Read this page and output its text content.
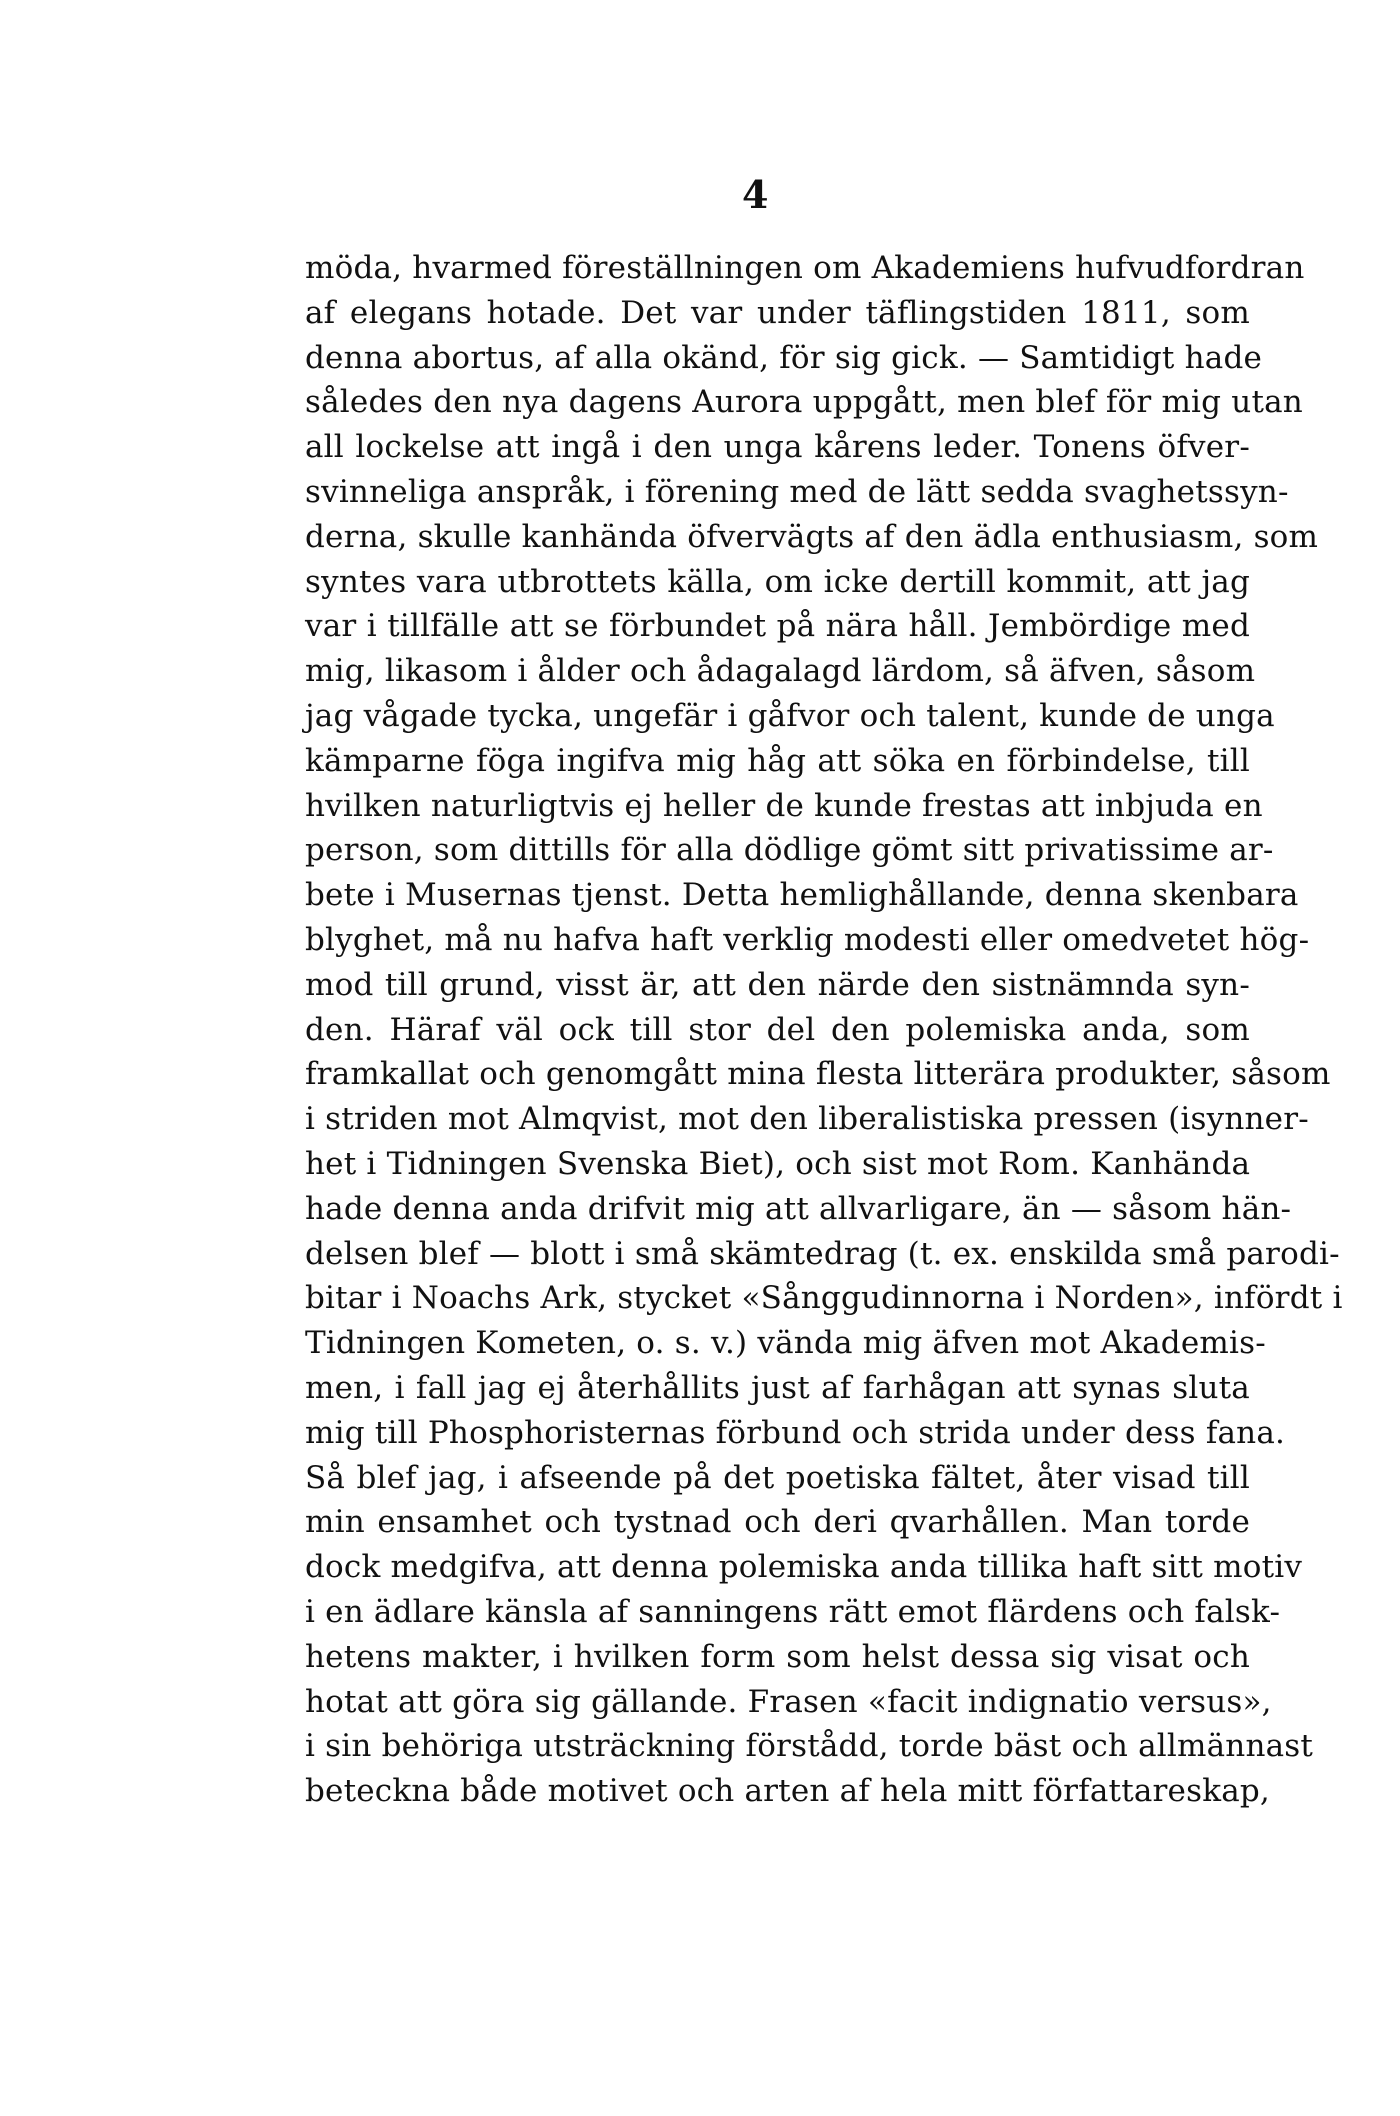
4
möda, hvarmed föreställningen om Akademiens hufvudfordran
af elegans hotade. Det var under täflingstiden 1811, som
denna abortus, af alla okänd, för sig gick. — Samtidigt hade
således den nya dagens Aurora uppgått, men blef för mig utan
all lockelse att ingå i den unga kårens leder. Tonens öfver-
svinneliga anspråk, i förening med de lätt sedda svaghetssyn-
derna, skulle kanhända öfvervägts af den ädla enthusiasm, som
syntes vara utbrottets källa, om icke dertill kommit, att jag
var i tillfälle att se förbundet på nära håll. Jembördige med
mig, likasom i ålder och ådagalagd lärdom, så äfven, såsom
jag vågade tycka, ungefär i gåfvor och talent, kunde de unga
kämparne föga ingifva mig håg att söka en förbindelse, till
hvilken naturligtvis ej heller de kunde frestas att inbjuda en
person, som dittills för alla dödlige gömt sitt privatissime ar-
bete i Musernas tjenst. Detta hemlighållande, denna skenbara
blyghet, må nu hafva haft verklig modesti eller omedvetet hög-
mod till grund, visst är, att den närde den sistnämnda syn-
den. Häraf väl ock till stor del den polemiska anda, som
framkallat och genomgått mina flesta litterära produkter, såsom
i striden mot Almqvist, mot den liberalistiska pressen (isynner-
het i Tidningen Svenska Biet), och sist mot Rom. Kanhända
hade denna anda drifvit mig att allvarligare, än — såsom hän-
delsen blef — blott i små skämtedrag (t. ex. enskilda små parodi-
bitar i Noachs Ark, stycket «Sånggudinnorna i Norden», infördt i
Tidningen Kometen, o. s. v.) vända mig äfven mot Akademis-
men, i fall jag ej återhållits just af farhågan att synas sluta
mig till Phosphoristernas förbund och strida under dess fana.
Så blef jag, i afseende på det poetiska fältet, åter visad till
min ensamhet och tystnad och deri qvarhållen. Man torde
dock medgifva, att denna polemiska anda tillika haft sitt motiv
i en ädlare känsla af sanningens rätt emot flärdens och falsk-
hetens makter, i hvilken form som helst dessa sig visat och
hotat att göra sig gällande. Frasen «facit indignatio versus»,
i sin behöriga utsträckning förstådd, torde bäst och allmännast
beteckna både motivet och arten af hela mitt författareskap,
